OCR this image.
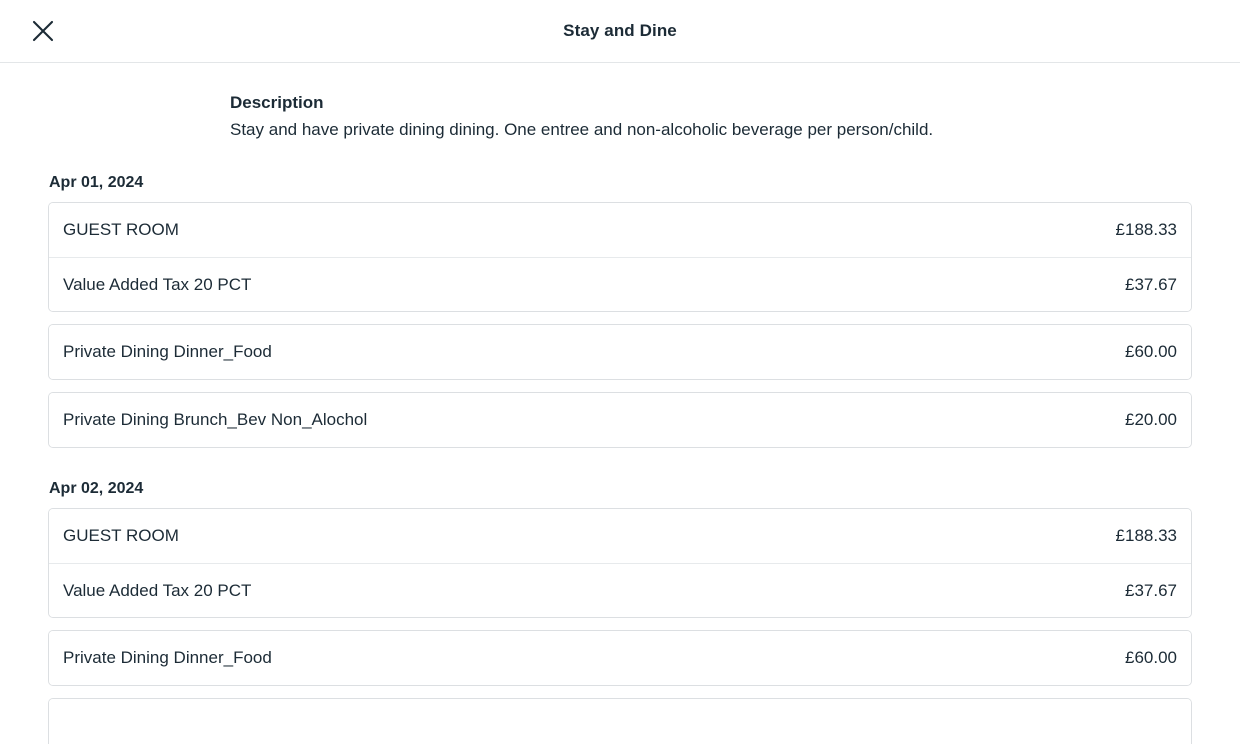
Stay and Dine
Description
Stay and have private dining dining. One entree and non-alcoholic beverage per person/child.
Apr 01, 2024
GUEST ROOM	£188.33
Value Added Tax 20 PCT	£37.67
Private Dining Dinner_Food	£60.00
Private Dining Brunch_Bev Non_Alochol	£20.00
Apr 02, 2024
GUEST ROOM	£188.33
Value Added Tax 20 PCT	£37.67
Private Dining Dinner_Food	£60.00
